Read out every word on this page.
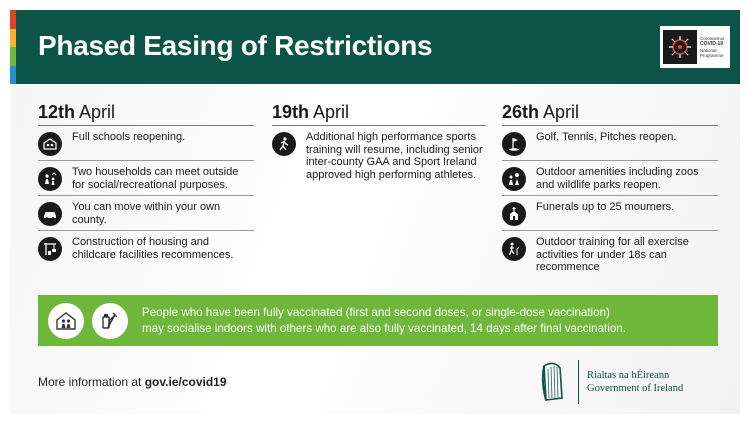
Phased Easing of Restrictions	Coronavirus
COVID-19
National
Programme
12th April
Full schools reopening.
Two households can meet outside for social/recreational purposes.
You can move within your own county.
Construction of housing and childcare facilities recommences.
19th April
Additional high performance sports training will resume, including senior inter-county GAA and Sport Ireland approved high performing athletes.
26th April
Golf, Tennis, Pitches reopen.
Outdoor amenities including zoos and wildlife parks reopen.
Funerals up to 25 mourners.
Outdoor training for all exercise activities for under 18s can recommence
People who have been fully vaccinated (first and second doses, or single-dose vaccination)
may socialise indoors with others who are also fully vaccinated, 14 days after final vaccination.
More information at gov.ie/covid19	Rialtas na hÉireann
Government of Ireland
